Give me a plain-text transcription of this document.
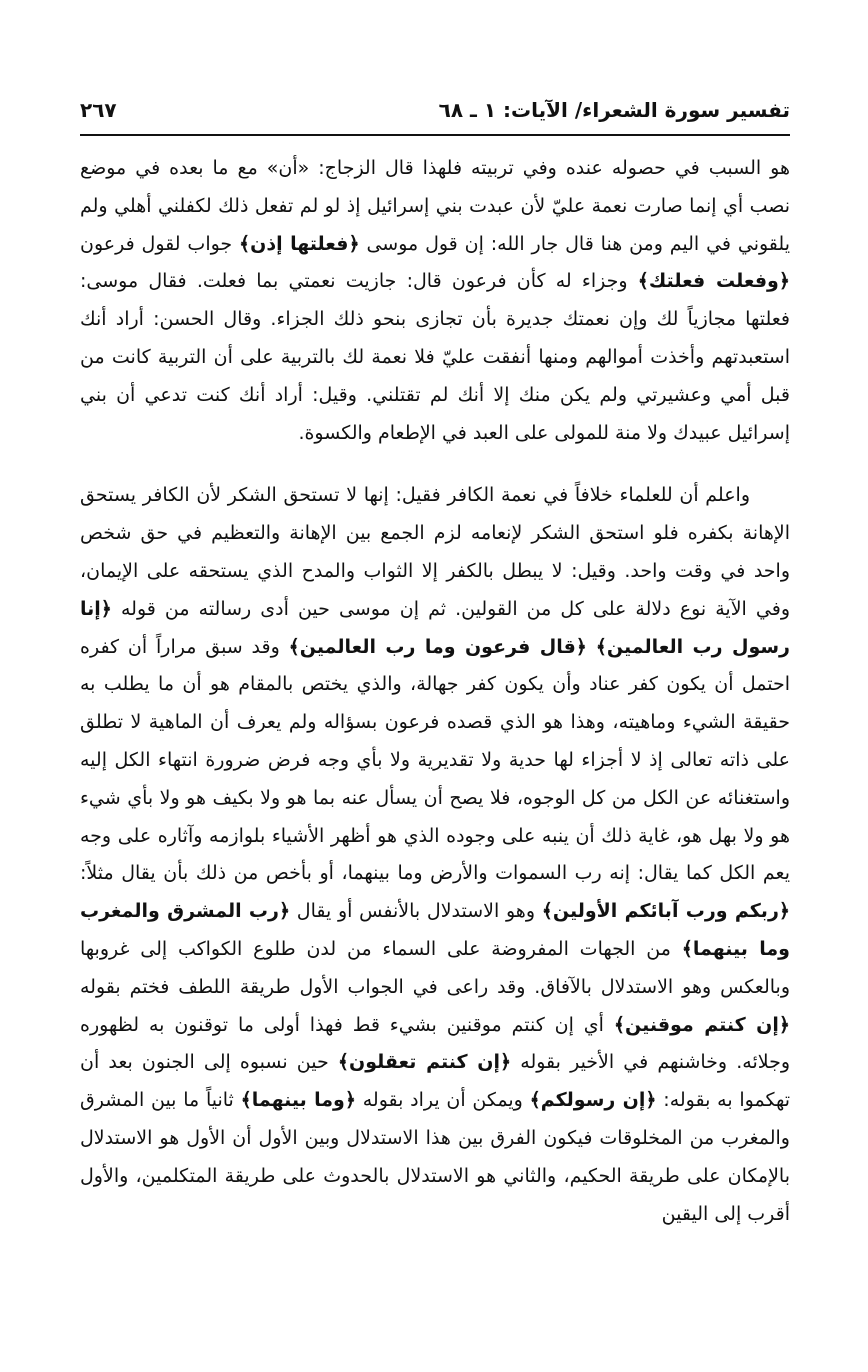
تفسير سورة الشعراء/ الآيات: ١ ـ ٦٨
٢٦٧

هو السبب في حصوله عنده وفي تربيته فلهذا قال الزجاج: «أن» مع ما بعده في موضع نصب أي إنما صارت نعمة عليّ لأن عبدت بني إسرائيل إذ لو لم تفعل ذلك لكفلني أهلي ولم يلقوني في اليم ومن هنا قال جار الله: إن قول موسى ﴿فعلتها إذن﴾ جواب لقول فرعون ﴿وفعلت فعلتك﴾ وجزاء له كأن فرعون قال: جازيت نعمتي بما فعلت. فقال موسى: فعلتها مجازياً لك وإن نعمتك جديرة بأن تجازى بنحو ذلك الجزاء. وقال الحسن: أراد أنك استعبدتهم وأخذت أموالهم ومنها أنفقت عليّ فلا نعمة لك بالتربية على أن التربية كانت من قبل أمي وعشيرتي ولم يكن منك إلا أنك لم تقتلني. وقيل: أراد أنك كنت تدعي أن بني إسرائيل عبيدك ولا منة للمولى على العبد في الإطعام والكسوة.

واعلم أن للعلماء خلافاً في نعمة الكافر فقيل: إنها لا تستحق الشكر لأن الكافر يستحق الإهانة بكفره فلو استحق الشكر لإنعامه لزم الجمع بين الإهانة والتعظيم في حق شخص واحد في وقت واحد. وقيل: لا يبطل بالكفر إلا الثواب والمدح الذي يستحقه على الإيمان، وفي الآية نوع دلالة على كل من القولين. ثم إن موسى حين أدى رسالته من قوله ﴿إنا رسول رب العالمين﴾ ﴿قال فرعون وما رب العالمين﴾ وقد سبق مراراً أن كفره احتمل أن يكون كفر عناد وأن يكون كفر جهالة، والذي يختص بالمقام هو أن ما يطلب به حقيقة الشيء وماهيته، وهذا هو الذي قصده فرعون بسؤاله ولم يعرف أن الماهية لا تطلق على ذاته تعالى إذ لا أجزاء لها حدية ولا تقديرية ولا بأي وجه فرض ضرورة انتهاء الكل إليه واستغنائه عن الكل من كل الوجوه، فلا يصح أن يسأل عنه بما هو ولا بكيف هو ولا بأي شيء هو ولا بهل هو، غاية ذلك أن ينبه على وجوده الذي هو أظهر الأشياء بلوازمه وآثاره على وجه يعم الكل كما يقال: إنه رب السموات والأرض وما بينهما، أو بأخص من ذلك بأن يقال مثلاً: ﴿ربكم ورب آبائكم الأولين﴾ وهو الاستدلال بالأنفس أو يقال ﴿رب المشرق والمغرب وما بينهما﴾ من الجهات المفروضة على السماء من لدن طلوع الكواكب إلى غروبها وبالعكس وهو الاستدلال بالآفاق. وقد راعى في الجواب الأول طريقة اللطف فختم بقوله ﴿إن كنتم موقنين﴾ أي إن كنتم موقنين بشيء قط فهذا أولى ما توقنون به لظهوره وجلائه. وخاشنهم في الأخير بقوله ﴿إن كنتم تعقلون﴾ حين نسبوه إلى الجنون بعد أن تهكموا به بقوله: ﴿إن رسولكم﴾ ويمكن أن يراد بقوله ﴿وما بينهما﴾ ثانياً ما بين المشرق والمغرب من المخلوقات فيكون الفرق بين هذا الاستدلال وبين الأول أن الأول هو الاستدلال بالإمكان على طريقة الحكيم، والثاني هو الاستدلال بالحدوث على طريقة المتكلمين، والأول أقرب إلى اليقين
